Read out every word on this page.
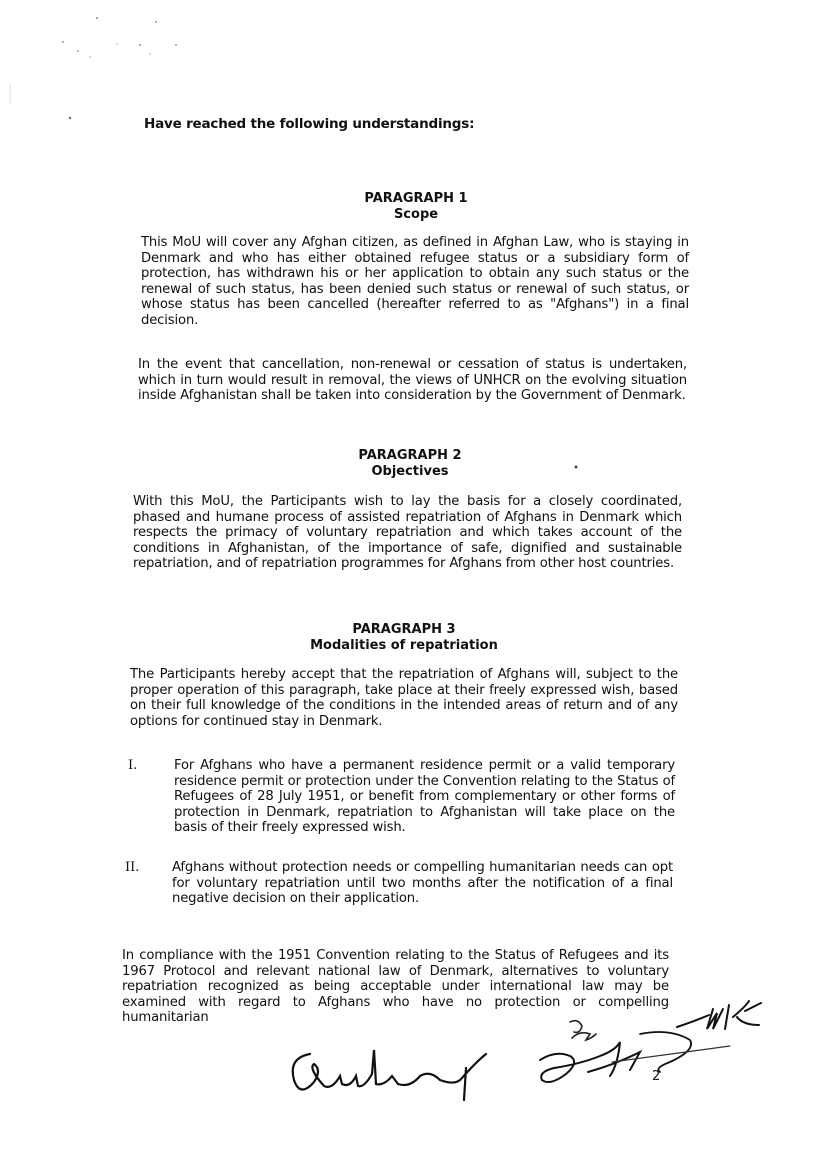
Have reached the following understandings:
PARAGRAPH 1
Scope

This MoU will cover any Afghan citizen, as defined in Afghan Law, who is staying in Denmark and who has either obtained refugee status or a subsidiary form of protection, has withdrawn his or her application to obtain any such status or the renewal of such status, has been denied such status or renewal of such status, or whose status has been cancelled (hereafter referred to as "Afghans") in a final decision.

In the event that cancellation, non-renewal or cessation of status is undertaken, which in turn would result in removal, the views of UNHCR on the evolving situation inside Afghanistan shall be taken into consideration by the Government of Denmark.

PARAGRAPH 2
Objectives

With this MoU, the Participants wish to lay the basis for a closely coordinated, phased and humane process of assisted repatriation of Afghans in Denmark which respects the primacy of voluntary repatriation and which takes account of the conditions in Afghanistan, of the importance of safe, dignified and sustainable repatriation, and of repatriation programmes for Afghans from other host countries.

PARAGRAPH 3
Modalities of repatriation

The Participants hereby accept that the repatriation of Afghans will, subject to the proper operation of this paragraph, take place at their freely expressed wish, based on their full knowledge of the conditions in the intended areas of return and of any options for continued stay in Denmark.

I.	For Afghans who have a permanent residence permit or a valid temporary residence permit or protection under the Convention relating to the Status of Refugees of 28 July 1951, or benefit from complementary or other forms of protection in Denmark, repatriation to Afghanistan will take place on the basis of their freely expressed wish.

II. Afghans without protection needs or compelling humanitarian needs can opt for voluntary repatriation until two months after the notification of a final negative decision on their application.

In compliance with the 1951 Convention relating to the Status of Refugees and its 1967 Protocol and relevant national law of Denmark, alternatives to voluntary repatriation recognized as being acceptable under international law may be examined with regard to Afghans who have no protection or compelling humanitarian

2
